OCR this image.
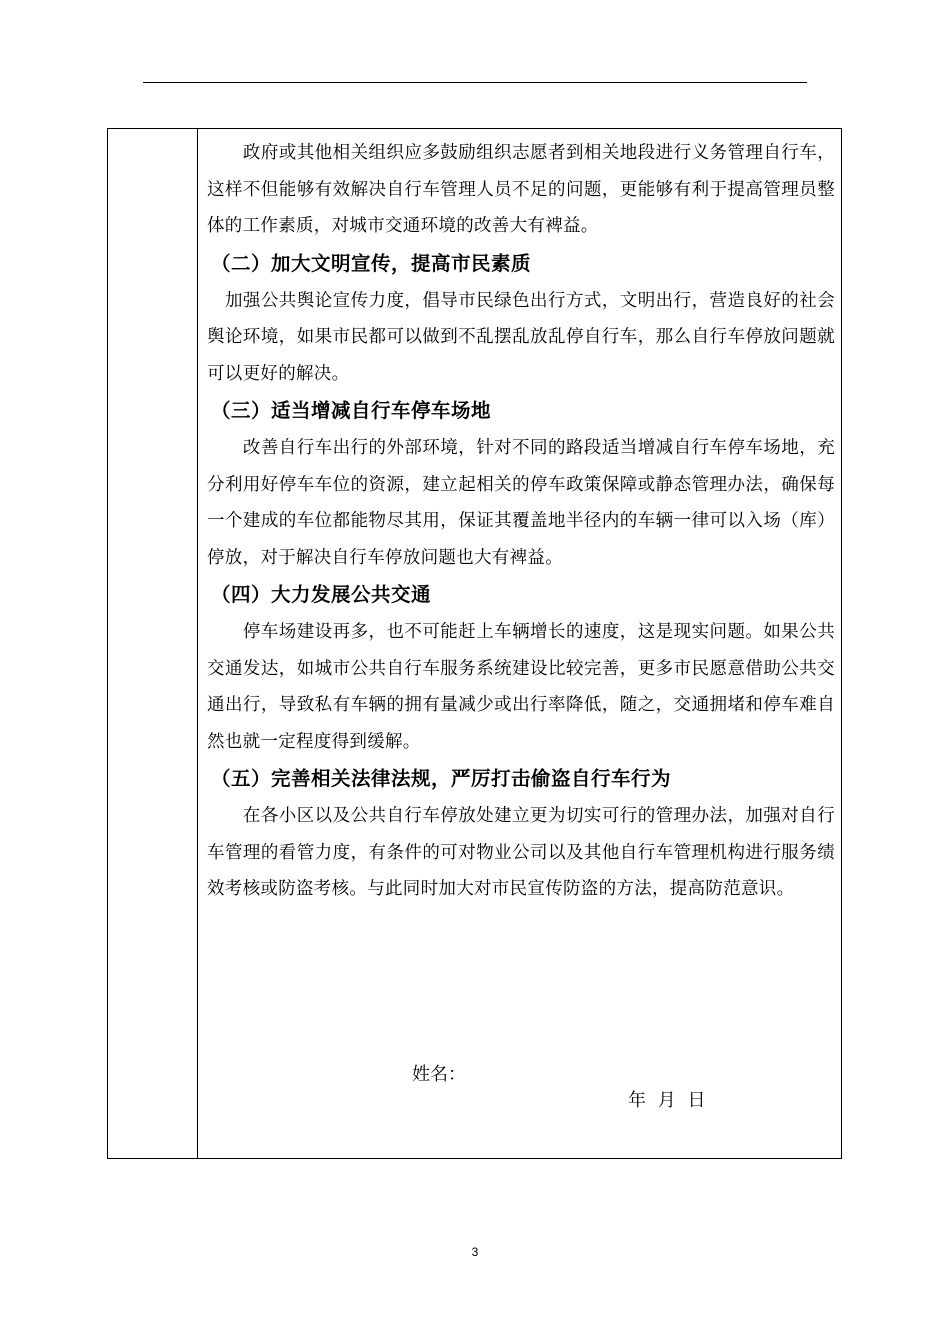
　　政府或其他相关组织应多鼓励组织志愿者到相关地段进行义务管理自行车，这样不但能够有效解决自行车管理人员不足的问题，更能够有利于提高管理员整体的工作素质，对城市交通环境的改善大有裨益。

（二）加大文明宣传，提高市民素质

　加强公共舆论宣传力度，倡导市民绿色出行方式，文明出行，营造良好的社会舆论环境，如果市民都可以做到不乱摆乱放乱停自行车，那么自行车停放问题就可以更好的解决。

（三）适当增减自行车停车场地

　　改善自行车出行的外部环境，针对不同的路段适当增减自行车停车场地，充分利用好停车车位的资源，建立起相关的停车政策保障或静态管理办法，确保每一个建成的车位都能物尽其用，保证其覆盖地半径内的车辆一律可以入场（库）停放，对于解决自行车停放问题也大有裨益。

（四）大力发展公共交通

　　停车场建设再多，也不可能赶上车辆增长的速度，这是现实问题。如果公共交通发达，如城市公共自行车服务系统建设比较完善，更多市民愿意借助公共交通出行，导致私有车辆的拥有量减少或出行率降低，随之，交通拥堵和停车难自然也就一定程度得到缓解。

（五）完善相关法律法规，严厉打击偷盗自行车行为

　　在各小区以及公共自行车停放处建立更为切实可行的管理办法，加强对自行车管理的看管力度，有条件的可对物业公司以及其他自行车管理机构进行服务绩效考核或防盗考核。与此同时加大对市民宣传防盗的方法，提高防范意识。

姓名：
年 月 日
3
